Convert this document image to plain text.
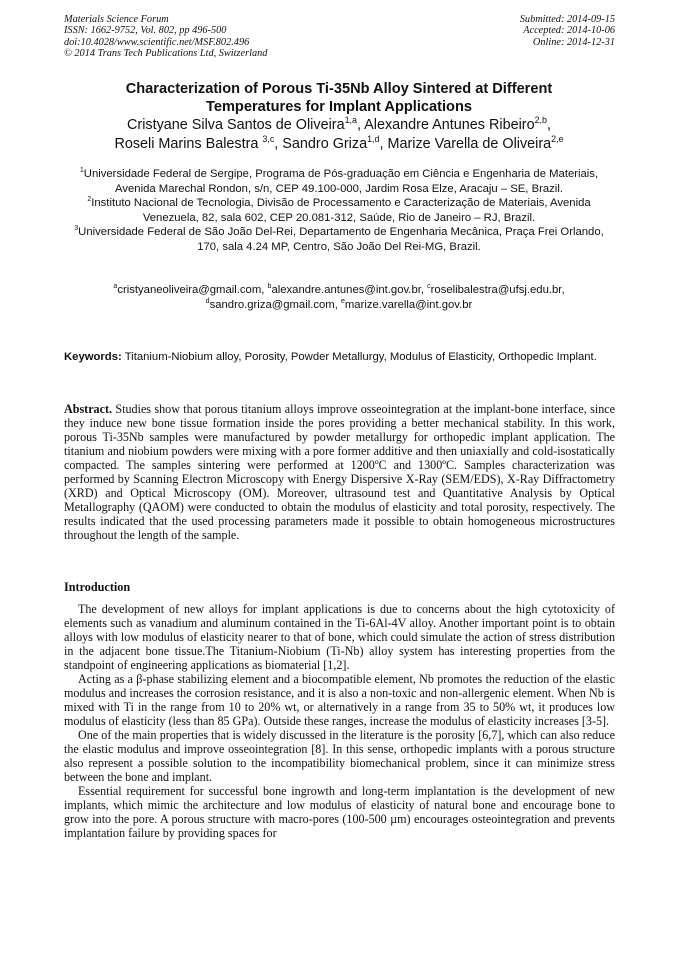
Materials Science Forum
ISSN: 1662-9752, Vol. 802, pp 496-500
doi:10.4028/www.scientific.net/MSF.802.496
© 2014 Trans Tech Publications Ltd, Switzerland
Submitted: 2014-09-15
Accepted: 2014-10-06
Online: 2014-12-31
Characterization of Porous Ti-35Nb Alloy Sintered at Different
Temperatures for Implant Applications
Cristyane Silva Santos de Oliveira$^{1,a}$, Alexandre Antunes Ribeiro$^{2,b}$,
Roseli Marins Balestra $^{3,c}$, Sandro Griza$^{1,d}$, Marize Varella de Oliveira$^{2,e}$

$^1$Universidade Federal de Sergipe, Programa de Pós-graduação em Ciência e Engenharia de Materiais, Avenida Marechal Rondon, s/n, CEP 49.100-000, Jardim Rosa Elze, Aracaju – SE, Brazil.

$^2$Instituto Nacional de Tecnologia, Divisão de Processamento e Caracterização de Materiais, Avenida Venezuela, 82, sala 602, CEP 20.081-312, Saúde, Rio de Janeiro – RJ, Brazil.

$^3$Universidade Federal de São João Del-Rei, Departamento de Engenharia Mecânica, Praça Frei Orlando, 170, sala 4.24 MP, Centro, São João Del Rei-MG, Brazil.

$^a$cristyaneoliveira@gmail.com, $^b$alexandre.antunes@int.gov.br, $^c$roselibalestra@ufsj.edu.br,
$^d$sandro.griza@gmail.com, $^e$marize.varella@int.gov.br
Keywords: Titanium-Niobium alloy, Porosity, Powder Metallurgy, Modulus of Elasticity, Orthopedic Implant.

Abstract. Studies show that porous titanium alloys improve osseointegration at the implant-bone interface, since they induce new bone tissue formation inside the pores providing a better mechanical stability. In this work, porous Ti-35Nb samples were manufactured by powder metallurgy for orthopedic implant application. The titanium and niobium powders were mixing with a pore former additive and then uniaxially and cold-isostatically compacted. The samples sintering were performed at 1200ºC and 1300ºC. Samples characterization was performed by Scanning Electron Microscopy with Energy Dispersive X-Ray (SEM/EDS), X-Ray Diffractometry (XRD) and Optical Microscopy (OM). Moreover, ultrasound test and Quantitative Analysis by Optical Metallography (QAOM) were conducted to obtain the modulus of elasticity and total porosity, respectively. The results indicated that the used processing parameters made it possible to obtain homogeneous microstructures throughout the length of the sample.

Introduction

The development of new alloys for implant applications is due to concerns about the high cytotoxicity of elements such as vanadium and aluminum contained in the Ti-6Al-4V alloy. Another important point is to obtain alloys with low modulus of elasticity nearer to that of bone, which could simulate the action of stress distribution in the adjacent bone tissue.The Titanium-Niobium (Ti-Nb) alloy system has interesting properties from the standpoint of engineering applications as biomaterial [1,2].

Acting as a β-phase stabilizing element and a biocompatible element, Nb promotes the reduction of the elastic modulus and increases the corrosion resistance, and it is also a non-toxic and non-allergenic element. When Nb is mixed with Ti in the range from 10 to 20% wt, or alternatively in a range from 35 to 50% wt, it produces low modulus of elasticity (less than 85 GPa). Outside these ranges, increase the modulus of elasticity increases [3-5].

One of the main properties that is widely discussed in the literature is the porosity [6,7], which can also reduce the elastic modulus and improve osseointegration [8]. In this sense, orthopedic implants with a porous structure also represent a possible solution to the incompatibility biomechanical problem, since it can minimize stress between the bone and implant.

Essential requirement for successful bone ingrowth and long-term implantation is the development of new implants, which mimic the architecture and low modulus of elasticity of natural bone and encourage bone to grow into the pore. A porous structure with macro-pores (100-500 µm) encourages osteointegration and prevents implantation failure by providing spaces for
